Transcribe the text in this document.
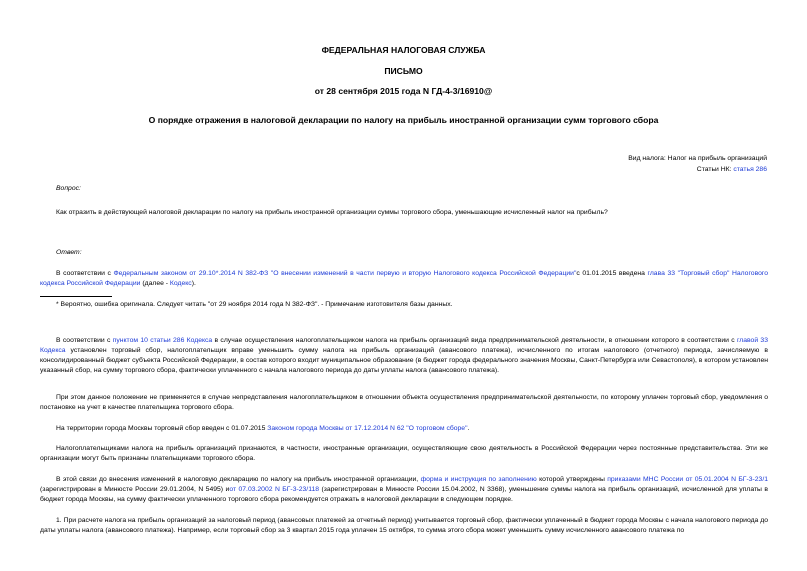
ФЕДЕРАЛЬНАЯ НАЛОГОВАЯ СЛУЖБА
ПИСЬМО
от 28 сентября 2015 года N ГД-4-3/16910@
О порядке отражения в налоговой декларации по налогу на прибыль иностранной организации сумм торгового сбора
Вид налога: Налог на прибыль организаций
Статьи НК: статья 286
Вопрос:
Как отразить в действующей налоговой декларации по налогу на прибыль иностранной организации суммы торгового сбора, уменьшающие исчисленный налог на прибыль?
Ответ:
В соответствии с Федеральным законом от 29.10*.2014 N 382-ФЗ "О внесении изменений в части первую и вторую Налогового кодекса Российской Федерации"с 01.01.2015 введена глава 33 "Торговый сбор" Налогового кодекса Российской Федерации (далее - Кодекс).
* Вероятно, ошибка оригинала. Следует читать "от 29 ноября 2014 года N 382-ФЗ". - Примечание изготовителя базы данных.
В соответствии с пунктом 10 статьи 286 Кодекса в случае осуществления налогоплательщиком налога на прибыль организаций вида предпринимательской деятельности, в отношении которого в соответствии с главой 33 Кодекса установлен торговый сбор, налогоплательщик вправе уменьшить сумму налога на прибыль организаций (авансового платежа), исчисленного по итогам налогового (отчетного) периода, зачисляемую в консолидированный бюджет субъекта Российской Федерации, в состав которого входит муниципальное образование (в бюджет города федерального значения Москвы, Санкт-Петербурга или Севастополя), в котором установлен указанный сбор, на сумму торгового сбора, фактически уплаченного с начала налогового периода до даты уплаты налога (авансового платежа).
При этом данное положение не применяется в случае непредставления налогоплательщиком в отношении объекта осуществления предпринимательской деятельности, по которому уплачен торговый сбор, уведомления о постановке на учет в качестве плательщика торгового сбора.
На территории города Москвы торговый сбор введен с 01.07.2015 Законом города Москвы от 17.12.2014 N 62 "О торговом сборе".
Налогоплательщиками налога на прибыль организаций признаются, в частности, иностранные организации, осуществляющие свою деятельность в Российской Федерации через постоянные представительства. Эти же организации могут быть признаны плательщиками торгового сбора.
В этой связи до внесения изменений в налоговую декларацию по налогу на прибыль иностранной организации, форма и инструкция по заполнению которой утверждены приказами МНС России от 05.01.2004 N БГ-3-23/1 (зарегистрирован в Минюсте России 29.01.2004, N 5495) иот 07.03.2002 N БГ-3-23/118 (зарегистрирован в Минюсте России 15.04.2002, N 3368), уменьшение суммы налога на прибыль организаций, исчисленной для уплаты в бюджет города Москвы, на сумму фактически уплаченного торгового сбора рекомендуется отражать в налоговой декларации в следующем порядке.
1. При расчете налога на прибыль организаций за налоговый период (авансовых платежей за отчетный период) учитывается торговый сбор, фактически уплаченный в бюджет города Москвы с начала налогового периода до даты уплаты налога (авансового платежа). Например, если торговый сбор за 3 квартал 2015 года уплачен 15 октября, то сумма этого сбора может уменьшить сумму исчисленного авансового платежа по
